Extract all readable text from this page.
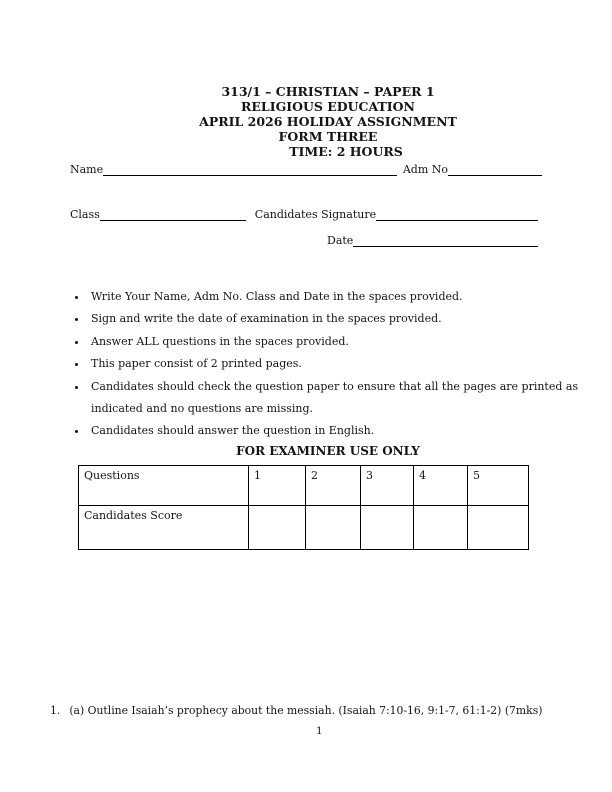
313/1 – CHRISTIAN – PAPER 1
RELIGIOUS EDUCATION
APRIL 2026 HOLIDAY ASSIGNMENT
FORM THREE
TIME: 2 HOURS
Name	Adm No
Class	Candidates Signature
Date
• Write Your Name, Adm No. Class and Date in the spaces provided.
• Sign and write the date of examination in the spaces provided.
• Answer ALL questions in the spaces provided.
• This paper consist of 2 printed pages.
• Candidates should check the question paper to ensure that all the pages are printed as indicated and no questions are missing.
• Candidates should answer the question in English.
FOR EXAMINER USE ONLY
Questions	1	2	3	4	5
Candidates Score					
1. (a) Outline Isaiah’s prophecy about the messiah. (Isaiah 7:10-16, 9:1-7, 61:1-2) (7mks)
1
